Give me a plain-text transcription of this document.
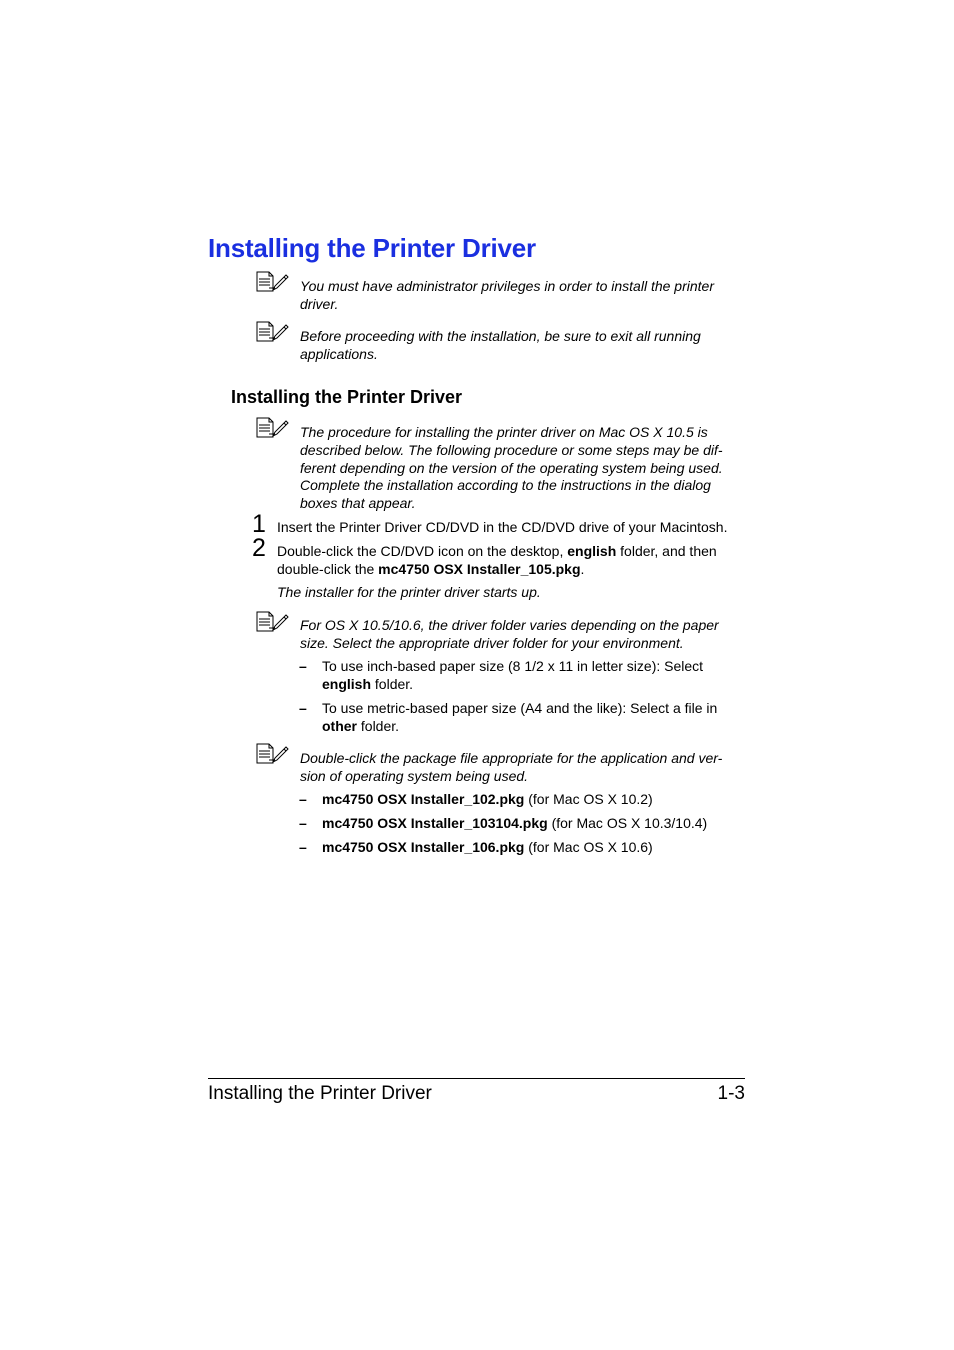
Installing the Printer Driver
You must have administrator privileges in order to install the printer driver.
Before proceeding with the installation, be sure to exit all running applications.
Installing the Printer Driver
The procedure for installing the printer driver on Mac OS X 10.5 is described below. The following procedure or some steps may be dif-ferent depending on the version of the operating system being used. Complete the installation according to the instructions in the dialog boxes that appear.
1 Insert the Printer Driver CD/DVD in the CD/DVD drive of your Macintosh.
2 Double-click the CD/DVD icon on the desktop, english folder, and then double-click the mc4750 OSX Installer_105.pkg.
The installer for the printer driver starts up.
For OS X 10.5/10.6, the driver folder varies depending on the paper size. Select the appropriate driver folder for your environment.
– To use inch-based paper size (8 1/2 x 11 in letter size): Select english folder.
– To use metric-based paper size (A4 and the like): Select a file in other folder.
Double-click the package file appropriate for the application and ver-sion of operating system being used.
– mc4750 OSX Installer_102.pkg (for Mac OS X 10.2)
– mc4750 OSX Installer_103104.pkg (for Mac OS X 10.3/10.4)
– mc4750 OSX Installer_106.pkg (for Mac OS X 10.6)
Installing the Printer Driver	1-3
